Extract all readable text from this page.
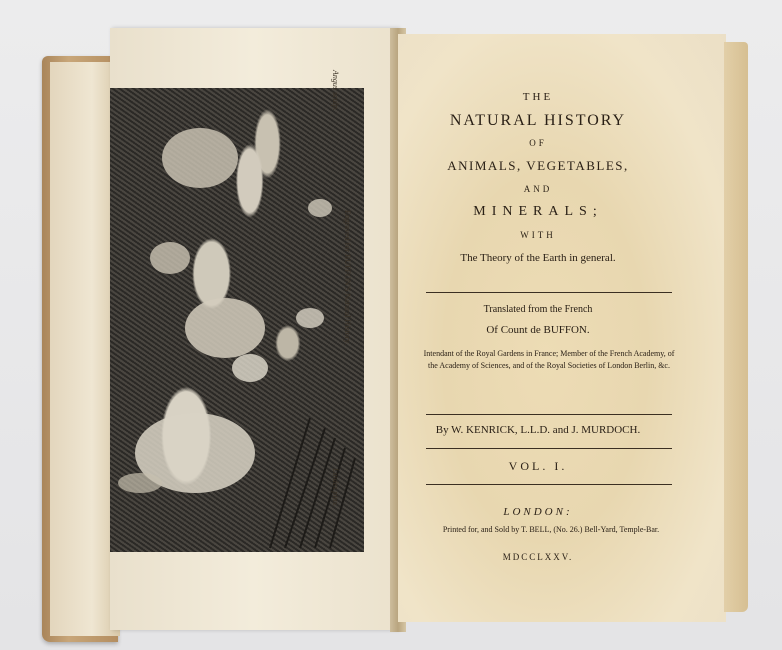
Engraved for BUFFON'S Natural History.
Angus sculp.
Lindes pinx.
THE
NATURAL HISTORY
OF
ANIMALS, VEGETABLES,
AND
MINERALS;
WITH
The Theory of the Earth in general.
Translated from the French
Of Count de BUFFON.
Intendant of the Royal Gardens in France; Member of the French Academy, of the Academy of Sciences, and of the Royal Societies of London Berlin, &c.
By W. KENRICK, L.L.D. and J. MURDOCH.
VOL. I.
LONDON:
Printed for, and Sold by T. BELL, (No. 26.) Bell-Yard, Temple-Bar.
MDCCLXXV.
